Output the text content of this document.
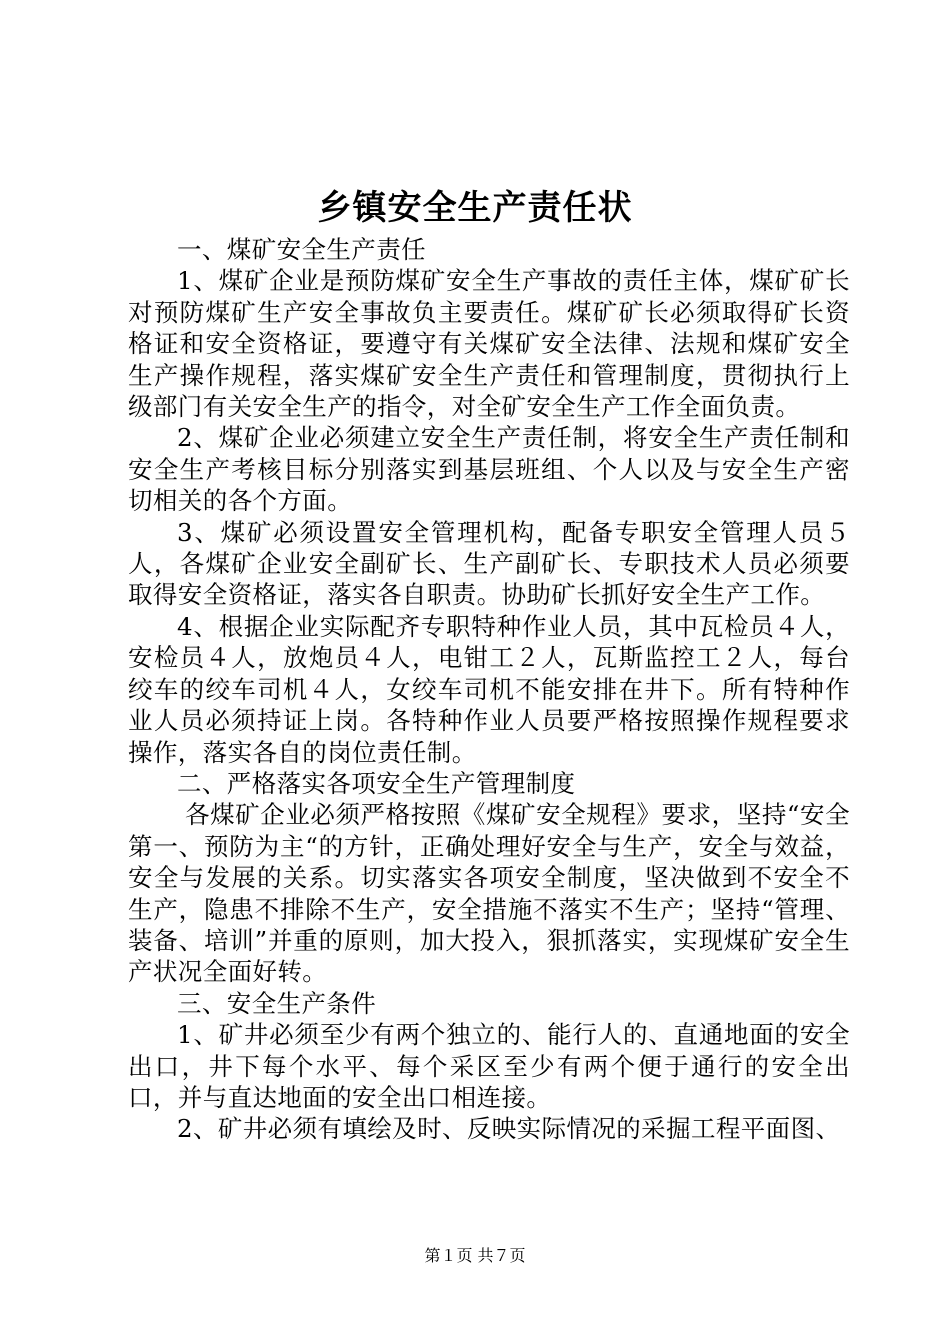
乡镇安全生产责任状

一、煤矿安全生产责任

1、煤矿企业是预防煤矿安全生产事故的责任主体，煤矿矿长对预防煤矿生产安全事故负主要责任。煤矿矿长必须取得矿长资格证和安全资格证，要遵守有关煤矿安全法律、法规和煤矿安全生产操作规程，落实煤矿安全生产责任和管理制度，贯彻执行上级部门有关安全生产的指令，对全矿安全生产工作全面负责。

2、煤矿企业必须建立安全生产责任制，将安全生产责任制和安全生产考核目标分别落实到基层班组、个人以及与安全生产密切相关的各个方面。

3、煤矿必须设置安全管理机构，配备专职安全管理人员５人，各煤矿企业安全副矿长、生产副矿长、专职技术人员必须要取得安全资格证，落实各自职责。协助矿长抓好安全生产工作。

4、根据企业实际配齐专职特种作业人员，其中瓦检员４人，安检员４人，放炮员４人，电钳工２人，瓦斯监控工２人，每台绞车的绞车司机４人，女绞车司机不能安排在井下。所有特种作业人员必须持证上岗。各特种作业人员要严格按照操作规程要求操作，落实各自的岗位责任制。

二、严格落实各项安全生产管理制度

各煤矿企业必须严格按照《煤矿安全规程》要求，坚持“安全第一、预防为主“的方针，正确处理好安全与生产，安全与效益，安全与发展的关系。切实落实各项安全制度，坚决做到不安全不生产，隐患不排除不生产，安全措施不落实不生产；坚持“管理、装备、培训”并重的原则，加大投入，狠抓落实，实现煤矿安全生产状况全面好转。

三、安全生产条件

1、矿井必须至少有两个独立的、能行人的、直通地面的安全出口，井下每个水平、每个采区至少有两个便于通行的安全出口，并与直达地面的安全出口相连接。

2、矿井必须有填绘及时、反映实际情况的采掘工程平面图、

第１页 共７页
